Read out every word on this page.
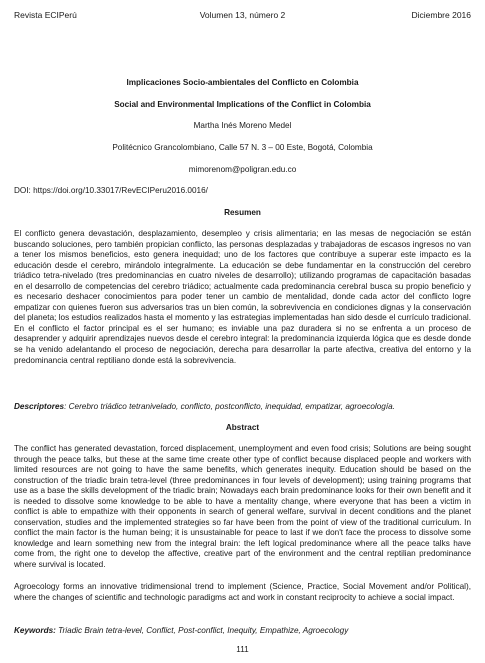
Revista ECIPerú	Volumen 13, número 2	Diciembre 2016
Implicaciones Socio-ambientales del Conflicto en Colombia
Social and Environmental Implications of the Conflict in Colombia
Martha Inés Moreno Medel
Politécnico Grancolombiano, Calle 57 N. 3 – 00 Este, Bogotá, Colombia
mimorenom@poligran.edu.co
DOI: https://doi.org/10.33017/RevECIPeru2016.0016/
Resumen
El conflicto genera devastación, desplazamiento, desempleo y crisis alimentaria; en las mesas de negociación se están buscando soluciones, pero también propician conflicto, las personas desplazadas y trabajadoras de escasos ingresos no van a tener los mismos beneficios, esto genera inequidad; uno de los factores que contribuye a superar este impacto es la educación desde el cerebro, mirándolo integralmente. La educación se debe fundamentar en la construcción del cerebro triádico tetra-nivelado (tres predominancias en cuatro niveles de desarrollo); utilizando programas de capacitación basadas en el desarrollo de competencias del cerebro triádico; actualmente cada predominancia cerebral busca su propio beneficio y es necesario deshacer conocimientos para poder tener un cambio de mentalidad, donde cada actor del conflicto logre empatizar con quienes fueron sus adversarios tras un bien común, la sobrevivencia en condiciones dignas y la conservación del planeta; los estudios realizados hasta el momento y las estrategias implementadas han sido desde el currículo tradicional. En el conflicto el factor principal es el ser humano; es inviable una paz duradera si no se enfrenta a un proceso de desaprender y adquirir aprendizajes nuevos desde el cerebro integral: la predominancia izquierda lógica que es desde donde se ha venido adelantando el proceso de negociación, derecha para desarrollar la parte afectiva, creativa del entorno y la predominancia central reptiliano donde está la sobrevivencia.
Descriptores: Cerebro triádico tetranivelado, conflicto, postconflicto, inequidad, empatizar, agroecología.
Abstract
The conflict has generated devastation, forced displacement, unemployment and even food crisis; Solutions are being sought through the peace talks, but these at the same time create other type of conflict because displaced people and workers with limited resources are not going to have the same benefits, which generates inequity. Education should be based on the construction of the triadic brain tetra-level (three predominances in four levels of development); using training programs that use as a base the skills development of the triadic brain; Nowadays each brain predominance looks for their own benefit and it is needed to dissolve some knowledge to be able to have a mentality change, where everyone that has been a victim in conflict is able to empathize with their opponents in search of general welfare, survival in decent conditions and the planet conservation, studies and the implemented strategies so far have been from the point of view of the traditional curriculum. In conflict the main factor is the human being; it is unsustainable for peace to last if we don't face the process to dissolve some knowledge and learn something new from the integral brain: the left logical predominance where all the peace talks have come from, the right one to develop the affective, creative part of the environment and the central reptilian predominance where survival is located.
Agroecology forms an innovative tridimensional trend to implement (Science, Practice, Social Movement and/or Political), where the changes of scientific and technologic paradigms act and work in constant reciprocity to achieve a social impact.
Keywords: Triadic Brain tetra-level, Conflict, Post-conflict, Inequity, Empathize, Agroecology
111
